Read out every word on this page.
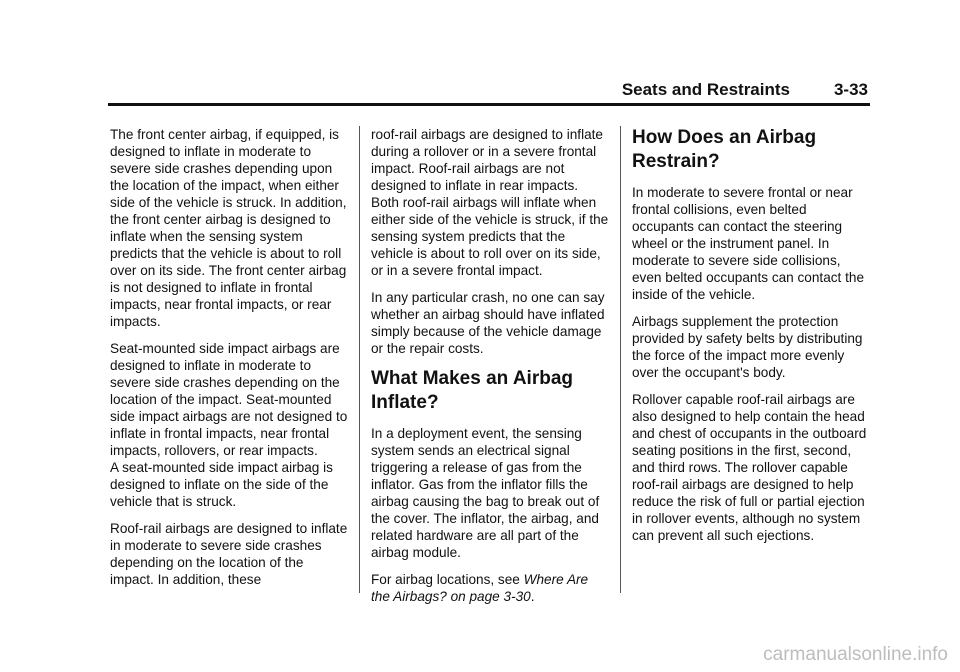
Seats and Restraints	3-33

The front center airbag, if equipped, is designed to inflate in moderate to severe side crashes depending upon the location of the impact, when either side of the vehicle is struck. In addition, the front center airbag is designed to inflate when the sensing system predicts that the vehicle is about to roll over on its side. The front center airbag is not designed to inflate in frontal impacts, near frontal impacts, or rear impacts.

Seat-mounted side impact airbags are designed to inflate in moderate to severe side crashes depending on the location of the impact. Seat-mounted side impact airbags are not designed to inflate in frontal impacts, near frontal impacts, rollovers, or rear impacts.

A seat-mounted side impact airbag is designed to inflate on the side of the vehicle that is struck.

Roof-rail airbags are designed to inflate in moderate to severe side crashes depending on the location of the impact. In addition, these

roof-rail airbags are designed to inflate during a rollover or in a severe frontal impact. Roof-rail airbags are not designed to inflate in rear impacts. Both roof-rail airbags will inflate when either side of the vehicle is struck, if the sensing system predicts that the vehicle is about to roll over on its side, or in a severe frontal impact.

In any particular crash, no one can say whether an airbag should have inflated simply because of the vehicle damage or the repair costs.

What Makes an Airbag Inflate?

In a deployment event, the sensing system sends an electrical signal triggering a release of gas from the inflator. Gas from the inflator fills the airbag causing the bag to break out of the cover. The inflator, the airbag, and related hardware are all part of the airbag module.

For airbag locations, see Where Are the Airbags? on page 3-30.

How Does an Airbag Restrain?

In moderate to severe frontal or near frontal collisions, even belted occupants can contact the steering wheel or the instrument panel. In moderate to severe side collisions, even belted occupants can contact the inside of the vehicle.

Airbags supplement the protection provided by safety belts by distributing the force of the impact more evenly over the occupant's body.

Rollover capable roof-rail airbags are also designed to help contain the head and chest of occupants in the outboard seating positions in the first, second, and third rows. The rollover capable roof-rail airbags are designed to help reduce the risk of full or partial ejection in rollover events, although no system can prevent all such ejections.

carmanualsonline.info
